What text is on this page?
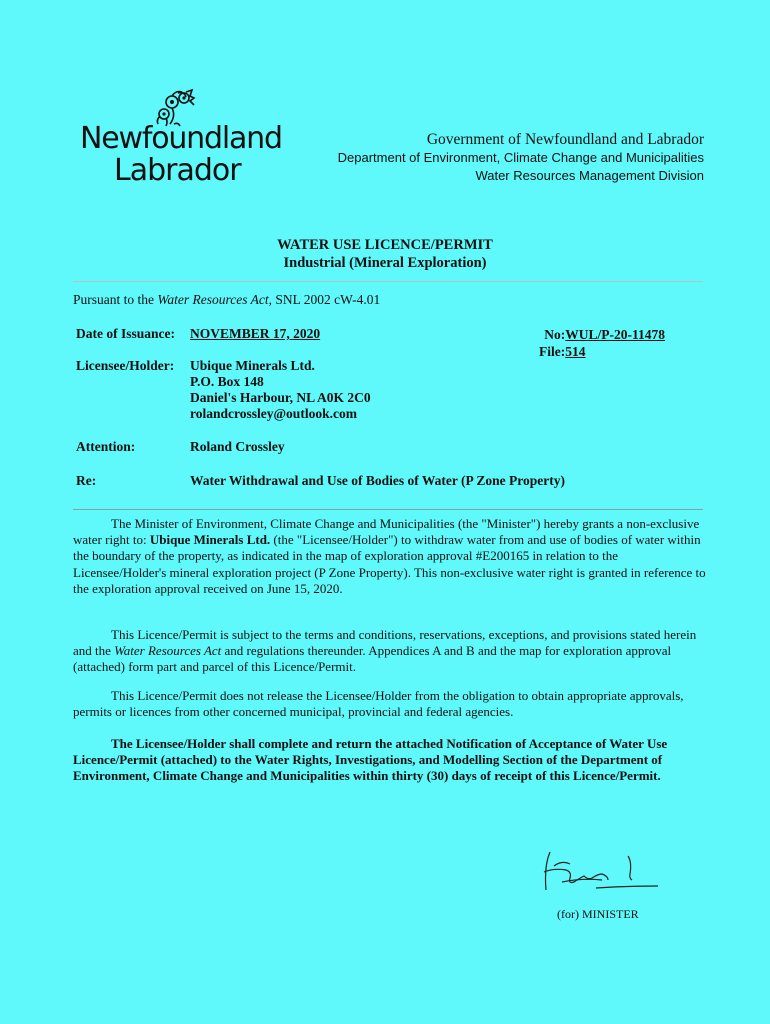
Newfoundland
Labrador
Government of Newfoundland and Labrador
Department of Environment, Climate Change and Municipalities
Water Resources Management Division
WATER USE LICENCE/PERMIT
Industrial (Mineral Exploration)
Pursuant to the Water Resources Act, SNL 2002 cW-4.01
Date of Issuance: NOVEMBER 17, 2020	No:WUL/P-20-11478
File:514
Licensee/Holder: Ubique Minerals Ltd.
P.O. Box 148
Daniel's Harbour, NL A0K 2C0
rolandcrossley@outlook.com
Attention:	Roland Crossley
Re:	Water Withdrawal and Use of Bodies of Water (P Zone Property)
The Minister of Environment, Climate Change and Municipalities (the "Minister") hereby grants a non-exclusive water right to: Ubique Minerals Ltd. (the "Licensee/Holder") to withdraw water from and use of bodies of water within the boundary of the property, as indicated in the map of exploration approval #E200165 in relation to the Licensee/Holder's mineral exploration project (P Zone Property). This non-exclusive water right is granted in reference to the exploration approval received on June 15, 2020.
This Licence/Permit is subject to the terms and conditions, reservations, exceptions, and provisions stated herein and the Water Resources Act and regulations thereunder. Appendices A and B and the map for exploration approval (attached) form part and parcel of this Licence/Permit.
This Licence/Permit does not release the Licensee/Holder from the obligation to obtain appropriate approvals, permits or licences from other concerned municipal, provincial and federal agencies.
The Licensee/Holder shall complete and return the attached Notification of Acceptance of Water Use Licence/Permit (attached) to the Water Rights, Investigations, and Modelling Section of the Department of Environment, Climate Change and Municipalities within thirty (30) days of receipt of this Licence/Permit.
(for) MINISTER
